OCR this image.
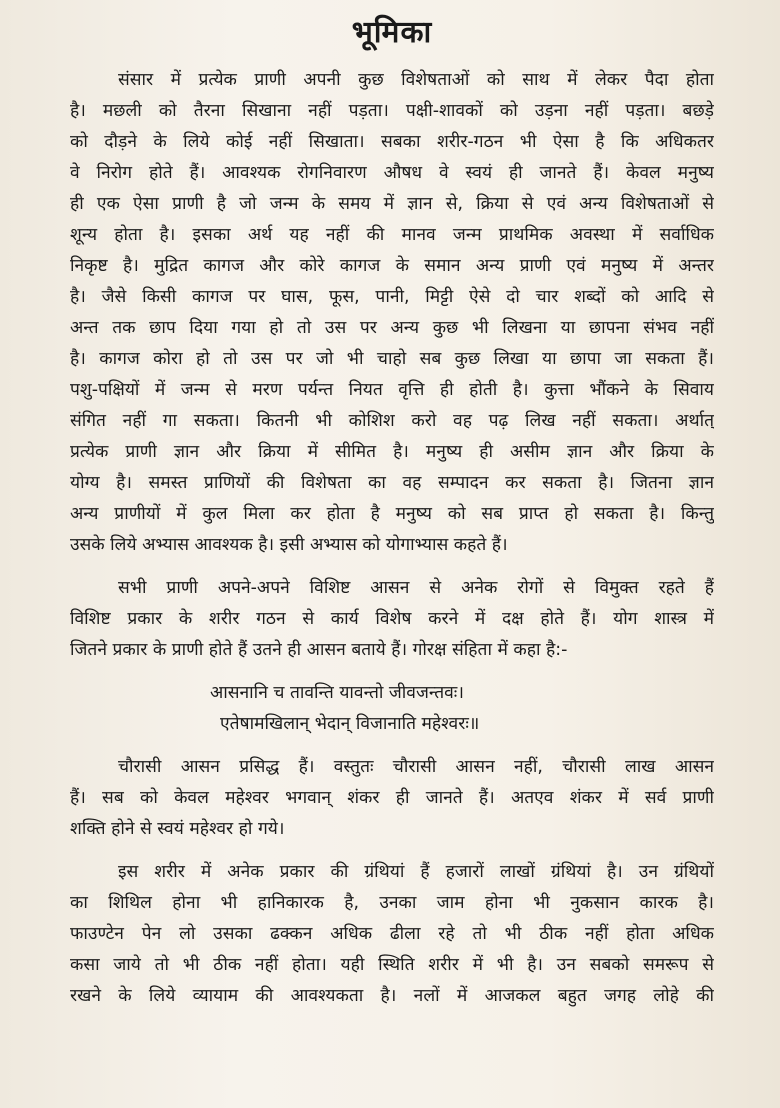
भूमिका
संसार में प्रत्येक प्राणी अपनी कुछ विशेषताओं को साथ में लेकर पैदा होता
है। मछली को तैरना सिखाना नहीं पड़ता। पक्षी-शावकों को उड़ना नहीं पड़ता। बछड़े
को दौड़ने के लिये कोई नहीं सिखाता। सबका शरीर-गठन भी ऐसा है कि अधिकतर
वे निरोग होते हैं। आवश्यक रोगनिवारण औषध वे स्वयं ही जानते हैं। केवल मनुष्य
ही एक ऐसा प्राणी है जो जन्म के समय में ज्ञान से, क्रिया से एवं अन्य विशेषताओं से
शून्य होता है। इसका अर्थ यह नहीं की मानव जन्म प्राथमिक अवस्था में सर्वाधिक
निकृष्ट है। मुद्रित कागज और कोरे कागज के समान अन्य प्राणी एवं मनुष्य में अन्तर
है। जैसे किसी कागज पर घास, फूस, पानी, मिट्टी ऐसे दो चार शब्दों को आदि से
अन्त तक छाप दिया गया हो तो उस पर अन्य कुछ भी लिखना या छापना संभव नहीं
है। कागज कोरा हो तो उस पर जो भी चाहो सब कुछ लिखा या छापा जा सकता हैं।
पशु-पक्षियों में जन्म से मरण पर्यन्त नियत वृत्ति ही होती है। कुत्ता भौंकने के सिवाय
संगित नहीं गा सकता। कितनी भी कोशिश करो वह पढ़ लिख नहीं सकता। अर्थात्
प्रत्येक प्राणी ज्ञान और क्रिया में सीमित है। मनुष्य ही असीम ज्ञान और क्रिया के
योग्य है। समस्त प्राणियों की विशेषता का वह सम्पादन कर सकता है। जितना ज्ञान
अन्य प्राणीयों में कुल मिला कर होता है मनुष्य को सब प्राप्त हो सकता है। किन्तु
उसके लिये अभ्यास आवश्यक है। इसी अभ्यास को योगाभ्यास कहते हैं।
सभी प्राणी अपने-अपने विशिष्ट आसन से अनेक रोगों से विमुक्त रहते हैं
विशिष्ट प्रकार के शरीर गठन से कार्य विशेष करने में दक्ष होते हैं। योग शास्त्र में
जितने प्रकार के प्राणी होते हैं उतने ही आसन बताये हैं। गोरक्ष संहिता में कहा है:-
आसनानि च तावन्ति यावन्तो जीवजन्तवः।
एतेषामखिलान् भेदान् विजानाति महेश्वरः॥
चौरासी आसन प्रसिद्ध हैं। वस्तुतः चौरासी आसन नहीं, चौरासी लाख आसन
हैं। सब को केवल महेश्वर भगवान् शंकर ही जानते हैं। अतएव शंकर में सर्व प्राणी
शक्ति होने से स्वयं महेश्वर हो गये।
इस शरीर में अनेक प्रकार की ग्रंथियां हैं हजारों लाखों ग्रंथियां है। उन ग्रंथियों
का शिथिल होना भी हानिकारक है, उनका जाम होना भी नुकसान कारक है।
फाउण्टेन पेन लो उसका ढक्कन अधिक ढीला रहे तो भी ठीक नहीं होता अधिक
कसा जाये तो भी ठीक नहीं होता। यही स्थिति शरीर में भी है। उन सबको समरूप से
रखने के लिये व्यायाम की आवश्यकता है। नलों में आजकल बहुत जगह लोहे की
